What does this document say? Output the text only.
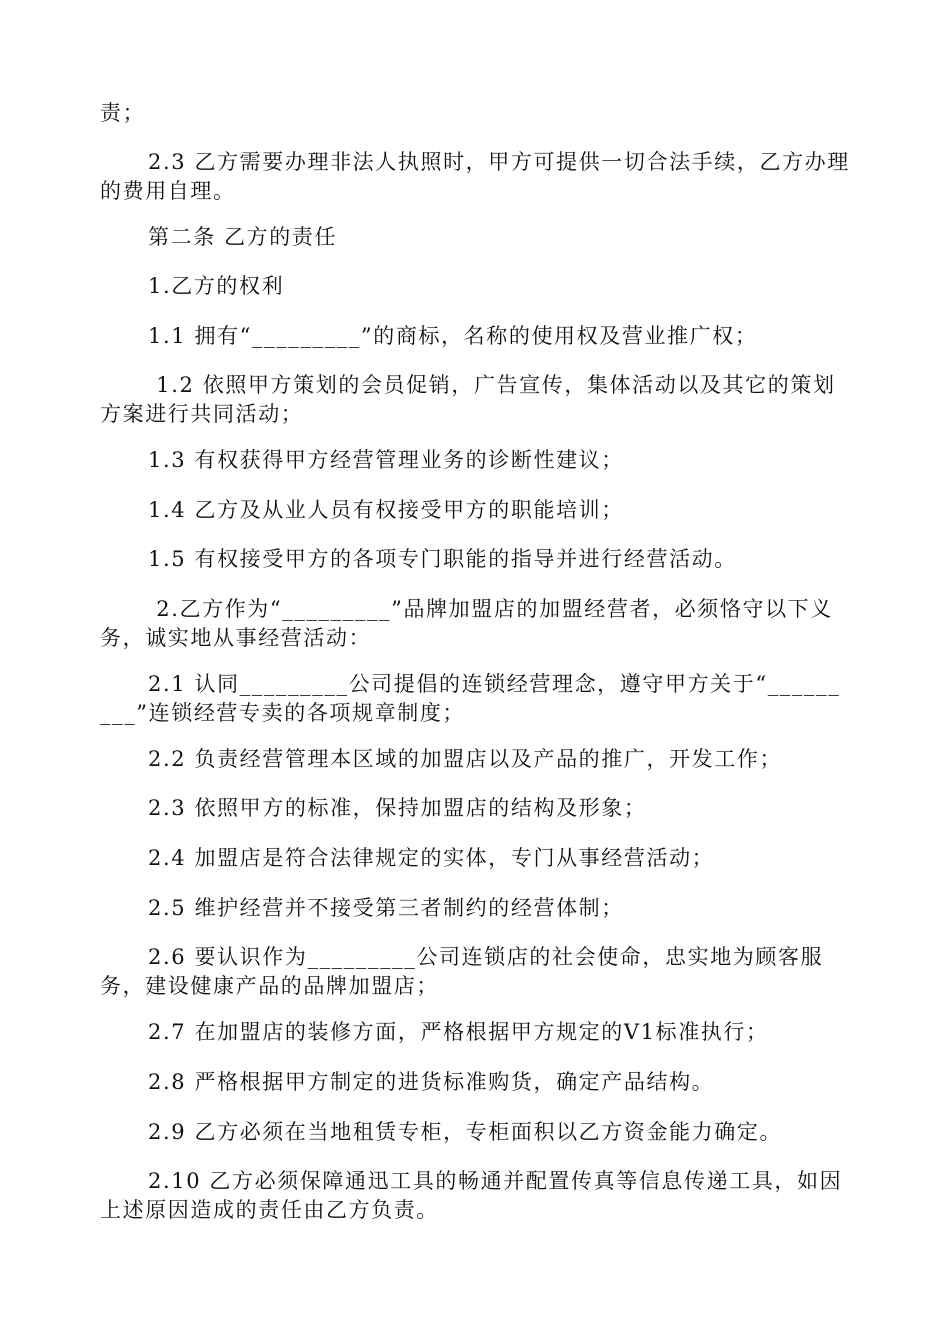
责；

2.3 乙方需要办理非法人执照时，甲方可提供一切合法手续，乙方办理的费用自理。

第二条 乙方的责任

1.乙方的权利

1.1 拥有“_________”的商标，名称的使用权及营业推广权；

1.2 依照甲方策划的会员促销，广告宣传，集体活动以及其它的策划方案进行共同活动；

1.3 有权获得甲方经营管理业务的诊断性建议；

1.4 乙方及从业人员有权接受甲方的职能培训；

1.5 有权接受甲方的各项专门职能的指导并进行经营活动。

2.乙方作为“_________”品牌加盟店的加盟经营者，必须恪守以下义务，诚实地从事经营活动：

2.1 认同_________公司提倡的连锁经营理念，遵守甲方关于“_________”连锁经营专卖的各项规章制度；

2.2 负责经营管理本区域的加盟店以及产品的推广，开发工作；

2.3 依照甲方的标准，保持加盟店的结构及形象；

2.4 加盟店是符合法律规定的实体，专门从事经营活动；

2.5 维护经营并不接受第三者制约的经营体制；

2.6 要认识作为_________公司连锁店的社会使命，忠实地为顾客服务，建设健康产品的品牌加盟店；

2.7 在加盟店的装修方面，严格根据甲方规定的V1标准执行；

2.8 严格根据甲方制定的进货标准购货，确定产品结构。

2.9 乙方必须在当地租赁专柜，专柜面积以乙方资金能力确定。

2.10 乙方必须保障通迅工具的畅通并配置传真等信息传递工具，如因上述原因造成的责任由乙方负责。
